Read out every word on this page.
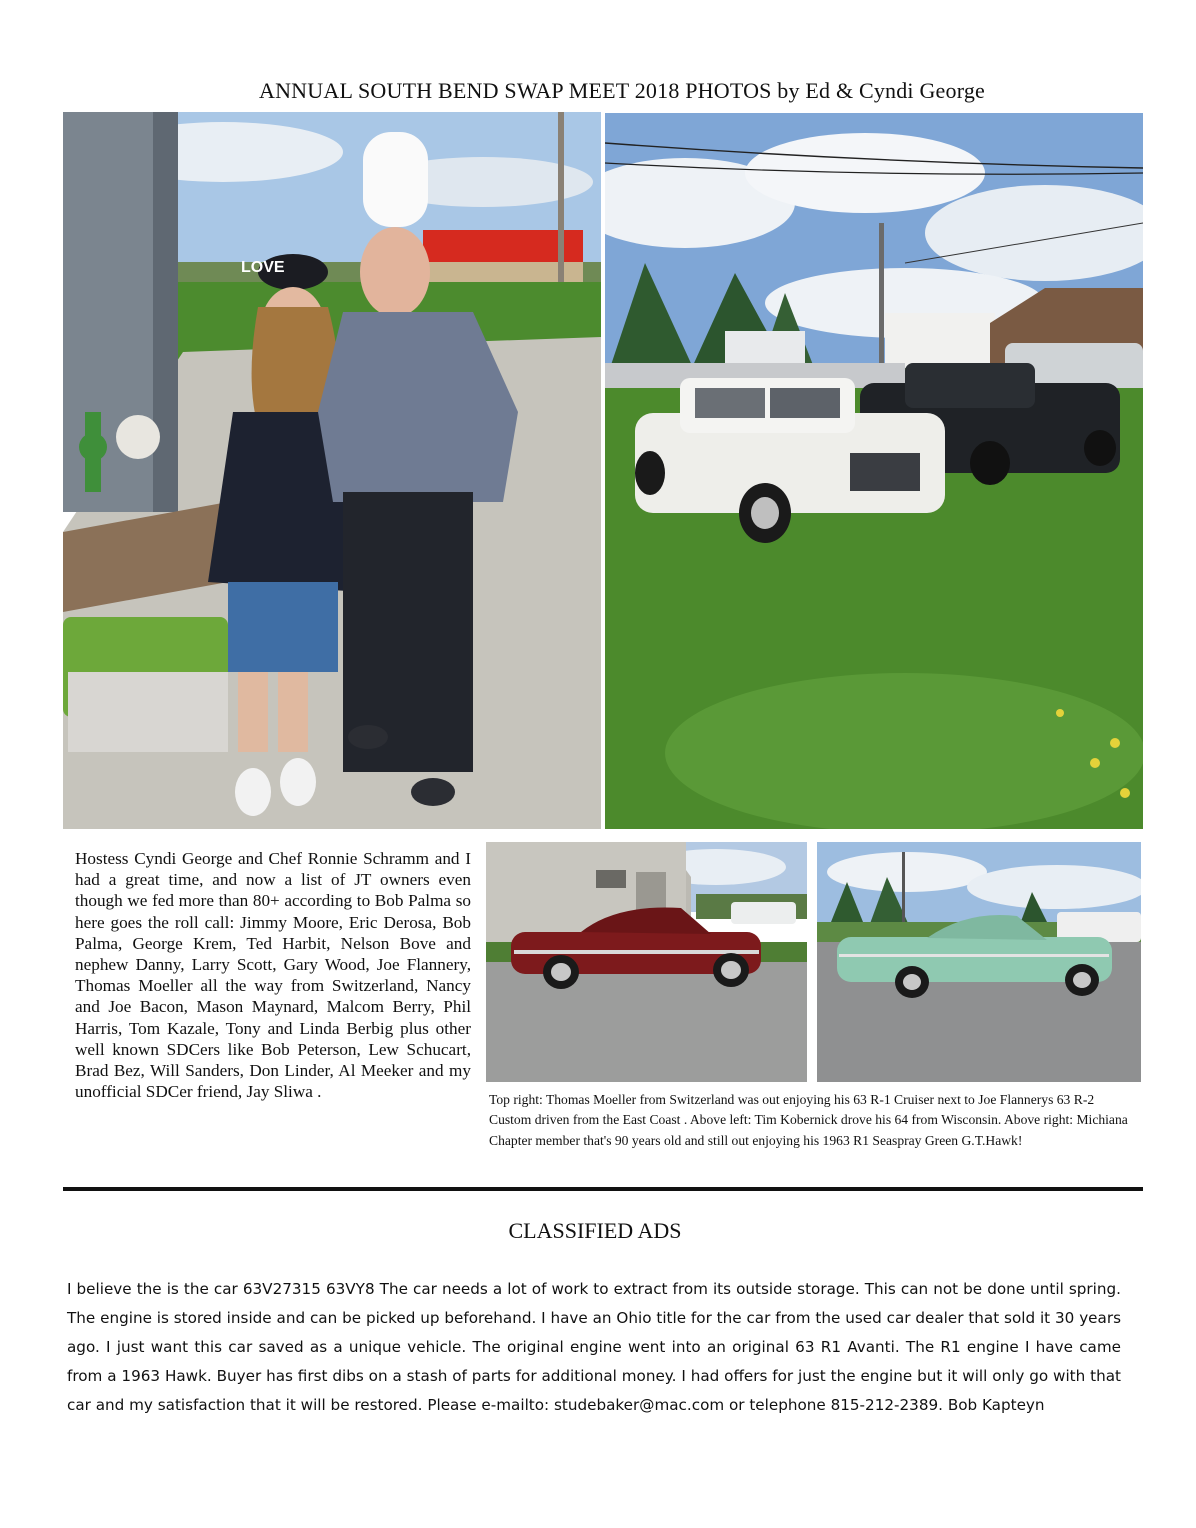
ANNUAL SOUTH BEND SWAP MEET 2018 PHOTOS by Ed & Cyndi George
LOVE
Hostess Cyndi George and Chef Ronnie Schramm and I had a great time, and now a list of JT owners even though we fed more than 80+ according to Bob Palma so here goes the roll call: Jimmy Moore, Eric Derosa, Bob Palma, George Krem, Ted Harbit, Nelson Bove and nephew Danny, Larry Scott, Gary Wood, Joe Flannery, Thomas Moeller all the way from Switzerland, Nancy and Joe Bacon, Mason Maynard, Malcom Berry, Phil Harris, Tom Kazale, Tony and Linda Berbig plus other well known SDCers like Bob Peterson, Lew Schucart, Brad Bez, Will Sanders, Don Linder, Al Meeker and my unofficial SDCer friend, Jay Sliwa .	Top right: Thomas Moeller from Switzerland was out enjoying his 63 R-1 Cruiser next to Joe Flannerys 63 R-2 Custom driven from the East Coast . Above left: Tim Kobernick drove his 64 from Wisconsin. Above right: Michiana Chapter member that's 90 years old and still out enjoying his 1963 R1 Seaspray Green G.T.Hawk!
CLASSIFIED ADS
I believe the is the car 63V27315 63VY8 The car needs a lot of work to extract from its outside storage. This can not be done until spring. The engine is stored inside and can be picked up beforehand. I have an Ohio title for the car from the used car dealer that sold it 30 years ago. I just want this car saved as a unique vehicle. The original engine went into an original 63 R1 Avanti. The R1 engine I have came from a 1963 Hawk. Buyer has first dibs on a stash of parts for additional money. I had offers for just the engine but it will only go with that car and my satisfaction that it will be restored. Please e-mailto: studebaker@mac.com or telephone 815-212-2389. Bob Kapteyn
